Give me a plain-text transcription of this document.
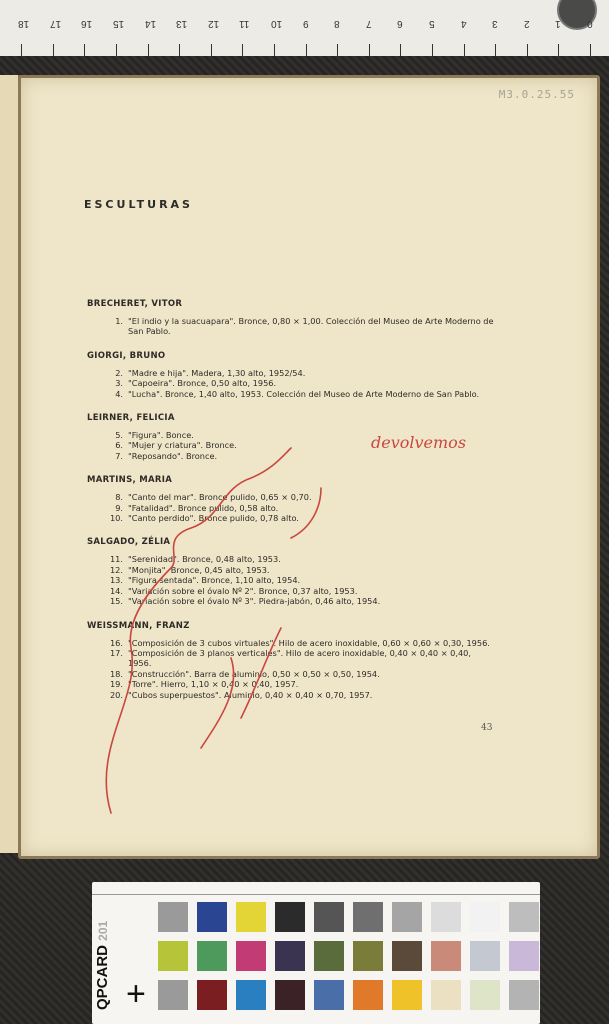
0
1
2
3
4
5
6
7
8
9
10
11
12
13
14
15
16
17
18
M3.0.25.55
ESCULTURAS
BRECHERET, VITOR
1. "El indio y la suacuapara". Bronce, 0,80 × 1,00. Colección del Museo de Arte Moderno de San Pablo.
GIORGI, BRUNO
2. "Madre e hija". Madera, 1,30 alto, 1952/54.
3. "Capoeira". Bronce, 0,50 alto, 1956.
4. "Lucha". Bronce, 1,40 alto, 1953. Colección del Museo de Arte Moderno de San Pablo.
LEIRNER, FELICIA
5. "Figura". Bonce.
6. "Mujer y criatura". Bronce.
7. "Reposando". Bronce.
MARTINS, MARIA
8. "Canto del mar". Bronce pulido, 0,65 × 0,70.
9. "Fatalidad". Bronce pulido, 0,58 alto.
10. "Canto perdido". Bronce pulido, 0,78 alto.
SALGADO, ZÉLIA
11. "Serenidad". Bronce, 0,48 alto, 1953.
12. "Monjita". Bronce, 0,45 alto, 1953.
13. "Figura sentada". Bronce, 1,10 alto, 1954.
14. "Variación sobre el óvalo Nº 2". Bronce, 0,37 alto, 1953.
15. "Variación sobre el óvalo Nº 3". Piedra-jabón, 0,46 alto, 1954.
WEISSMANN, FRANZ
16. "Composición de 3 cubos virtuales". Hilo de acero inoxidable, 0,60 × 0,60 × 0,30, 1956.
17. "Composición de 3 planos verticales". Hilo de acero inoxidable, 0,40 × 0,40 × 0,40, 1956.
18. "Construcción". Barra de aluminio, 0,50 × 0,50 × 0,50, 1954.
19. "Torre". Hierro, 1,10 × 0,40 × 0,40, 1957.
20. "Cubos superpuestos". Aluminio, 0,40 × 0,40 × 0,70, 1957.
devolvemos
43
QPCARD 201
+
